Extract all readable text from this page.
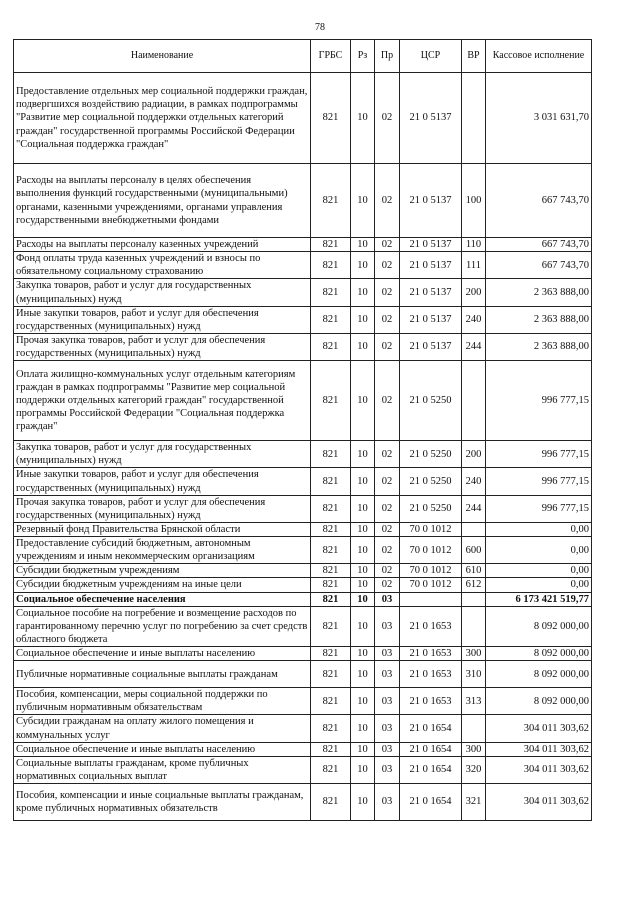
78
Наименование	ГРБС	Рз	Пр	ЦСР	ВР	Кассовое исполнение
Предоставление отдельных мер социальной поддержки граждан, подвергшихся воздействию радиации, в рамках подпрограммы "Развитие мер социальной поддержки отдельных категорий граждан" государственной программы Российской Федерации "Социальная поддержка граждан"	821	10	02	21 0 5137		3 031 631,70
Расходы на выплаты персоналу в целях обеспечения выполнения функций государственными (муниципальными) органами, казенными учреждениями, органами управления государственными внебюджетными фондами	821	10	02	21 0 5137	100	667 743,70
Расходы на выплаты персоналу казенных учреждений	821	10	02	21 0 5137	110	667 743,70
Фонд оплаты труда казенных учреждений и взносы по обязательному социальному страхованию	821	10	02	21 0 5137	111	667 743,70
Закупка товаров, работ и услуг для государственных (муниципальных) нужд	821	10	02	21 0 5137	200	2 363 888,00
Иные закупки товаров, работ и услуг для обеспечения государственных (муниципальных) нужд	821	10	02	21 0 5137	240	2 363 888,00
Прочая закупка товаров, работ и услуг для обеспечения государственных (муниципальных) нужд	821	10	02	21 0 5137	244	2 363 888,00
Оплата жилищно-коммунальных услуг отдельным категориям граждан в рамках подпрограммы "Развитие мер социальной поддержки отдельных категорий граждан" государственной программы Российской Федерации "Социальная поддержка граждан"	821	10	02	21 0 5250		996 777,15
Закупка товаров, работ и услуг для государственных (муниципальных) нужд	821	10	02	21 0 5250	200	996 777,15
Иные закупки товаров, работ и услуг для обеспечения государственных (муниципальных) нужд	821	10	02	21 0 5250	240	996 777,15
Прочая закупка товаров, работ и услуг для обеспечения государственных (муниципальных) нужд	821	10	02	21 0 5250	244	996 777,15
Резервный фонд Правительства Брянской области	821	10	02	70 0 1012		0,00
Предоставление субсидий бюджетным, автономным учреждениям и иным некоммерческим организациям	821	10	02	70 0 1012	600	0,00
Субсидии бюджетным учреждениям	821	10	02	70 0 1012	610	0,00
Субсидии бюджетным учреждениям на иные цели	821	10	02	70 0 1012	612	0,00
Социальное обеспечение населения	821	10	03			6 173 421 519,77
Социальное пособие на погребение и возмещение расходов по гарантированному перечню услуг по погребению за счет средств областного бюджета	821	10	03	21 0 1653		8 092 000,00
Социальное обеспечение и иные выплаты населению	821	10	03	21 0 1653	300	8 092 000,00
Публичные нормативные социальные выплаты гражданам	821	10	03	21 0 1653	310	8 092 000,00
Пособия, компенсации, меры социальной поддержки по публичным нормативным обязательствам	821	10	03	21 0 1653	313	8 092 000,00
Субсидии гражданам на оплату жилого помещения и коммунальных услуг	821	10	03	21 0 1654		304 011 303,62
Социальное обеспечение и иные выплаты населению	821	10	03	21 0 1654	300	304 011 303,62
Социальные выплаты гражданам, кроме публичных нормативных социальных выплат	821	10	03	21 0 1654	320	304 011 303,62
Пособия, компенсации и иные социальные выплаты гражданам, кроме публичных нормативных обязательств	821	10	03	21 0 1654	321	304 011 303,62
